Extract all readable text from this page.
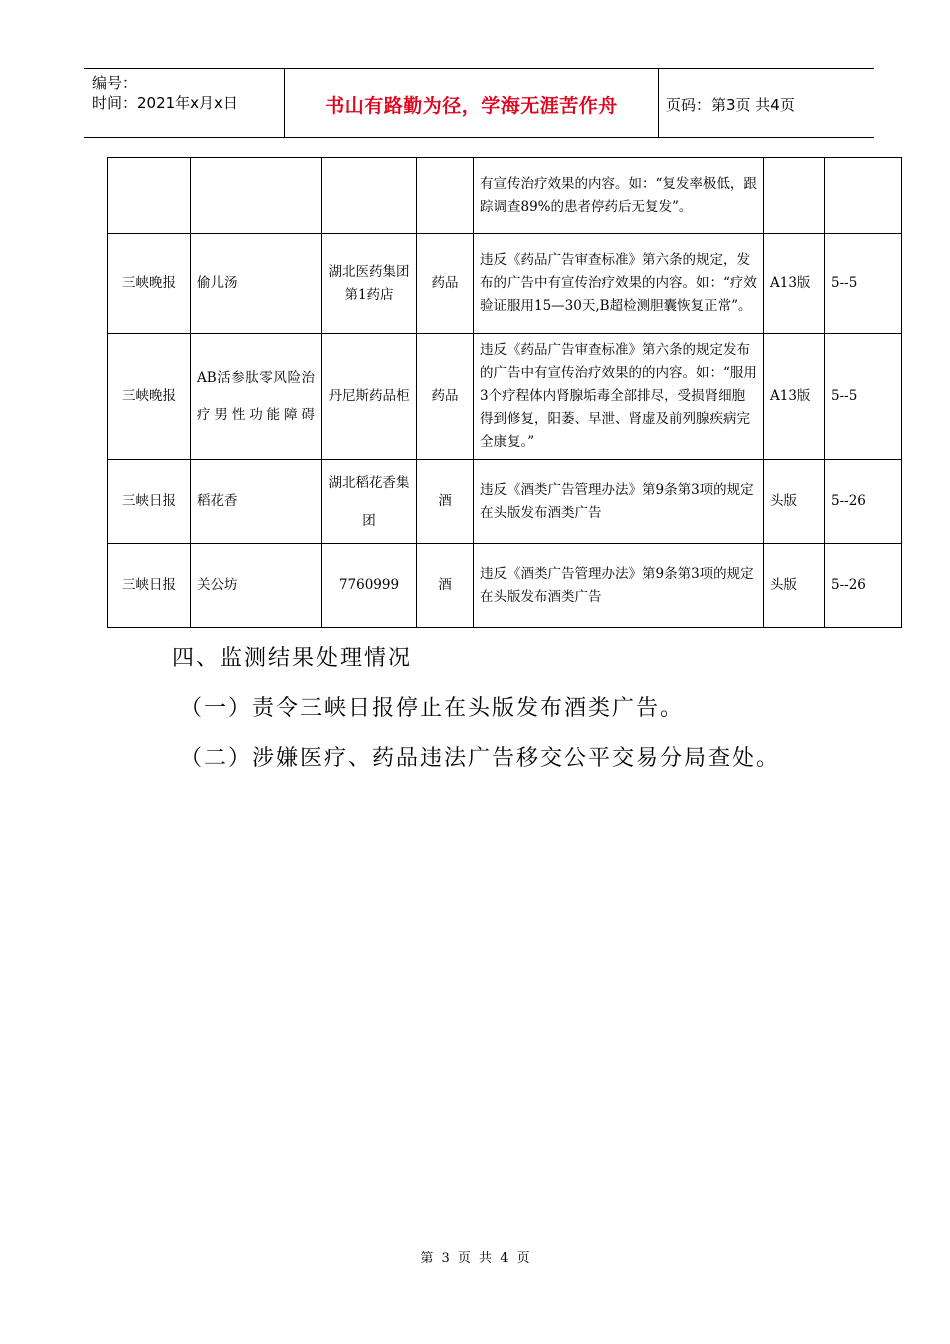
编号：
时间：2021年x月x日	书山有路勤为径，学海无涯苦作舟	页码：第3页 共4页
				有宣传治疗效果的内容。如：“复发率极低，跟踪调查89%的患者停药后无复发”。		
三峡晚报	偷儿汤	湖北医药集团第1药店	药品	违反《药品广告审查标准》第六条的规定，发布的广告中有宣传治疗效果的内容。如：“疗效验证服用15—30天,B超检测胆囊恢复正常”。	A13版	5--5
三峡晚报	AB活参肽零风险治疗男性功能障碍	丹尼斯药品柜	药品	违反《药品广告审查标准》第六条的规定发布的广告中有宣传治疗效果的的内容。如：“服用3个疗程体内肾腺垢毒全部排尽，受损肾细胞得到修复，阳萎、早泄、肾虚及前列腺疾病完全康复。”	A13版	5--5
三峡日报	稻花香	湖北稻花香集团	酒	违反《酒类广告管理办法》第9条第3项的规定在头版发布酒类广告	头版	5--26
三峡日报	关公坊	7760999	酒	违反《酒类广告管理办法》第9条第3项的规定在头版发布酒类广告	头版	5--26
四、监测结果处理情况
（一）责令三峡日报停止在头版发布酒类广告。
（二）涉嫌医疗、药品违法广告移交公平交易分局查处。
第 3 页 共 4 页
